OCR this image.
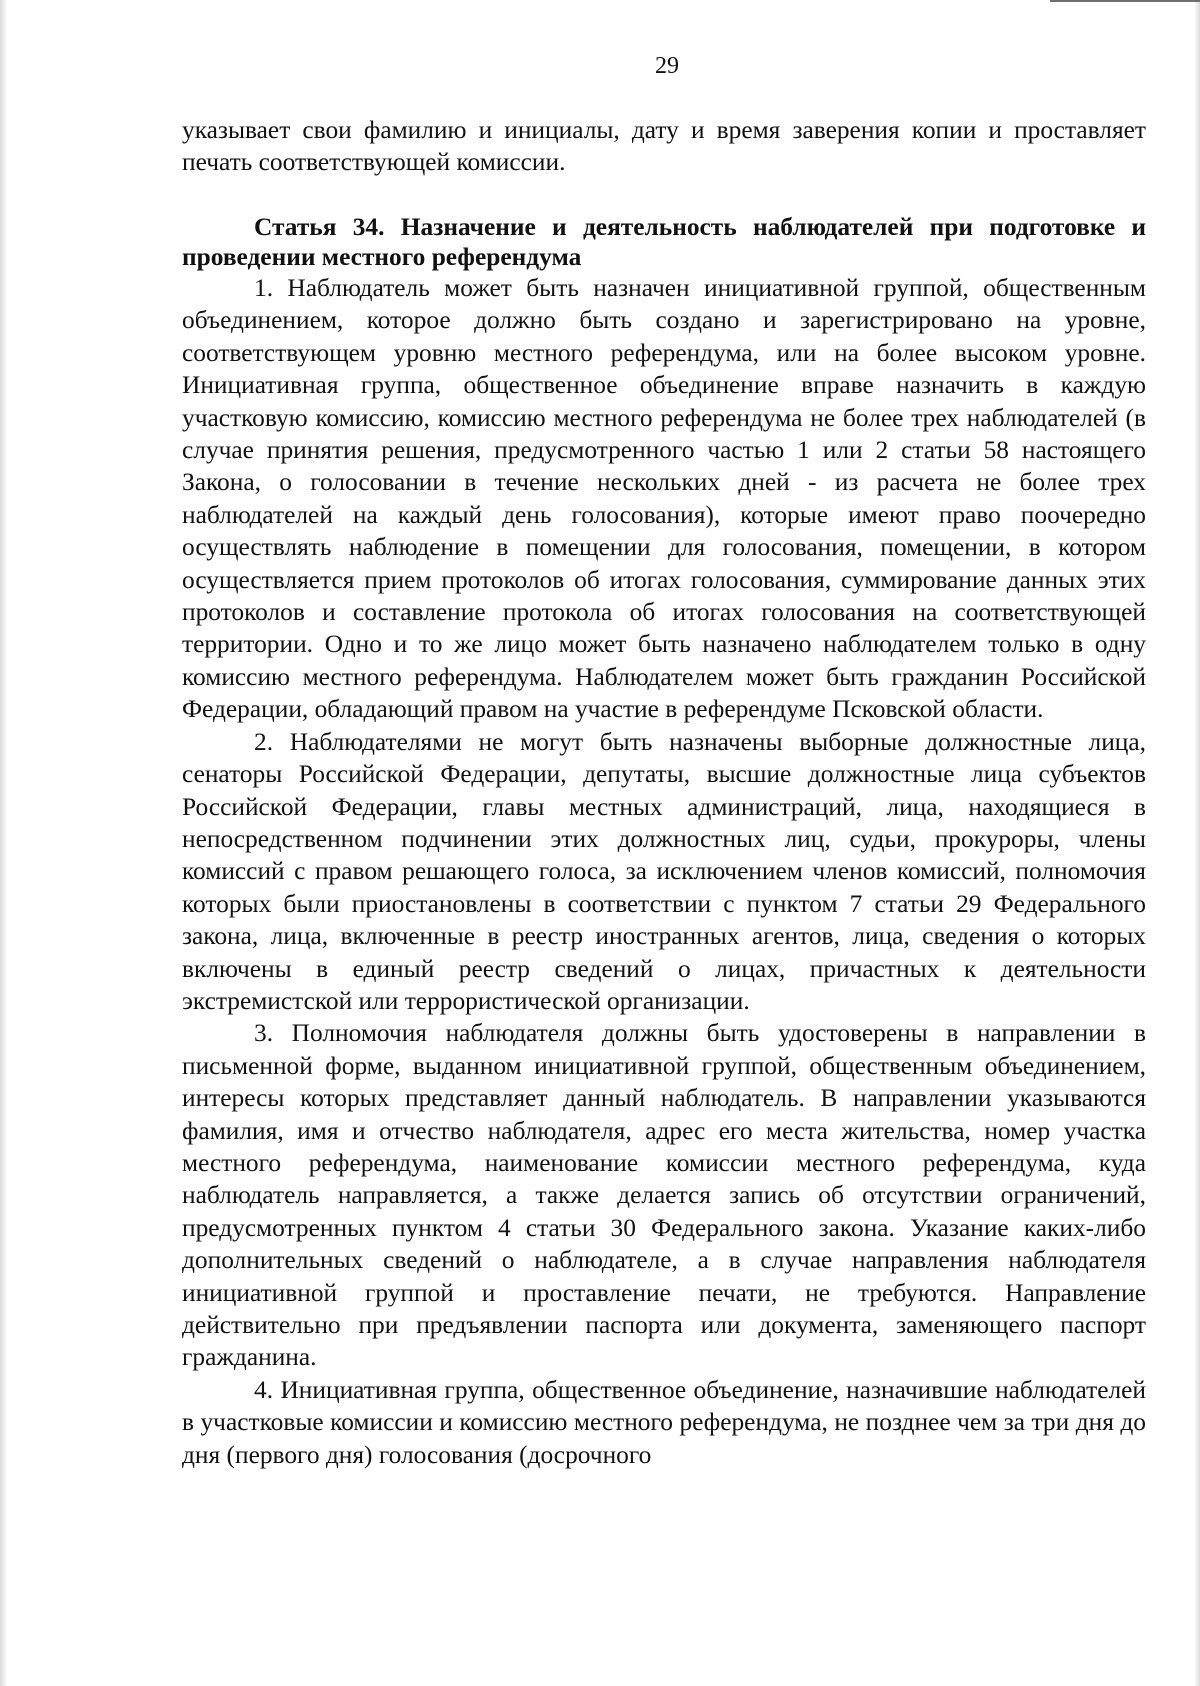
29

указывает свои фамилию и инициалы, дату и время заверения копии и проставляет печать соответствующей комиссии.

Статья 34. Назначение и деятельность наблюдателей при подготовке и проведении местного референдума

1. Наблюдатель может быть назначен инициативной группой, общественным объединением, которое должно быть создано и зарегистрировано на уровне, соответствующем уровню местного референдума, или на более высоком уровне. Инициативная группа, общественное объединение вправе назначить в каждую участковую комиссию, комиссию местного референдума не более трех наблюдателей (в случае принятия решения, предусмотренного частью 1 или 2 статьи 58 настоящего Закона, о голосовании в течение нескольких дней - из расчета не более трех наблюдателей на каждый день голосования), которые имеют право поочередно осуществлять наблюдение в помещении для голосования, помещении, в котором осуществляется прием протоколов об итогах голосования, суммирование данных этих протоколов и составление протокола об итогах голосования на соответствующей территории. Одно и то же лицо может быть назначено наблюдателем только в одну комиссию местного референдума. Наблюдателем может быть гражданин Российской Федерации, обладающий правом на участие в референдуме Псковской области.

2. Наблюдателями не могут быть назначены выборные должностные лица, сенаторы Российской Федерации, депутаты, высшие должностные лица субъектов Российской Федерации, главы местных администраций, лица, находящиеся в непосредственном подчинении этих должностных лиц, судьи, прокуроры, члены комиссий с правом решающего голоса, за исключением членов комиссий, полномочия которых были приостановлены в соответствии с пунктом 7 статьи 29 Федерального закона, лица, включенные в реестр иностранных агентов, лица, сведения о которых включены в единый реестр сведений о лицах, причастных к деятельности экстремистской или террористической организации.

3. Полномочия наблюдателя должны быть удостоверены в направлении в письменной форме, выданном инициативной группой, общественным объединением, интересы которых представляет данный наблюдатель. В направлении указываются фамилия, имя и отчество наблюдателя, адрес его места жительства, номер участка местного референдума, наименование комиссии местного референдума, куда наблюдатель направляется, а также делается запись об отсутствии ограничений, предусмотренных пунктом 4 статьи 30 Федерального закона. Указание каких-либо дополнительных сведений о наблюдателе, а в случае направления наблюдателя инициативной группой и проставление печати, не требуются. Направление действительно при предъявлении паспорта или документа, заменяющего паспорт гражданина.

4. Инициативная группа, общественное объединение, назначившие наблюдателей в участковые комиссии и комиссию местного референдума, не позднее чем за три дня до дня (первого дня) голосования (досрочного
